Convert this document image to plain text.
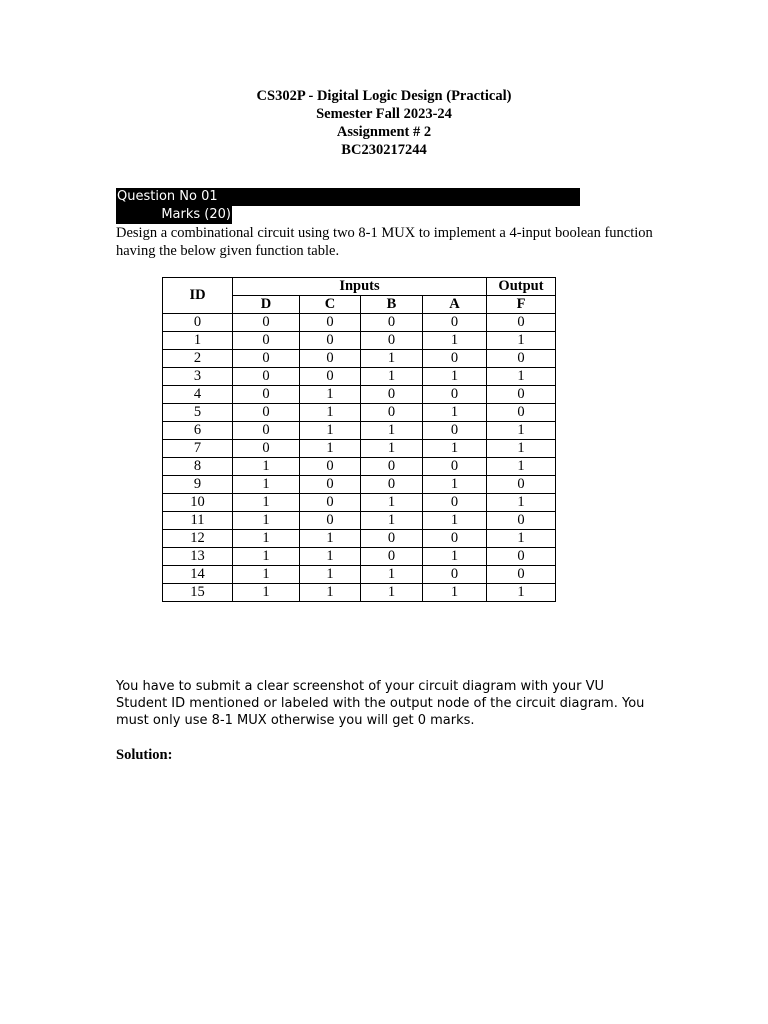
CS302P - Digital Logic Design (Practical)
Semester Fall 2023-24
Assignment # 2
BC230217244
Question No 01
Marks (20)
Design a combinational circuit using two 8-1 MUX to implement a 4-input boolean function having the below given function table.
ID	Inputs				Output
	D	C	B	A	F
0	0	0	0	0	0
1	0	0	0	1	1
2	0	0	1	0	0
3	0	0	1	1	1
4	0	1	0	0	0
5	0	1	0	1	0
6	0	1	1	0	1
7	0	1	1	1	1
8	1	0	0	0	1
9	1	0	0	1	0
10	1	0	1	0	1
11	1	0	1	1	0
12	1	1	0	0	1
13	1	1	0	1	0
14	1	1	1	0	0
15	1	1	1	1	1
You have to submit a clear screenshot of your circuit diagram with your VU Student ID mentioned or labeled with the output node of the circuit diagram. You must only use 8-1 MUX otherwise you will get 0 marks.
Solution:
